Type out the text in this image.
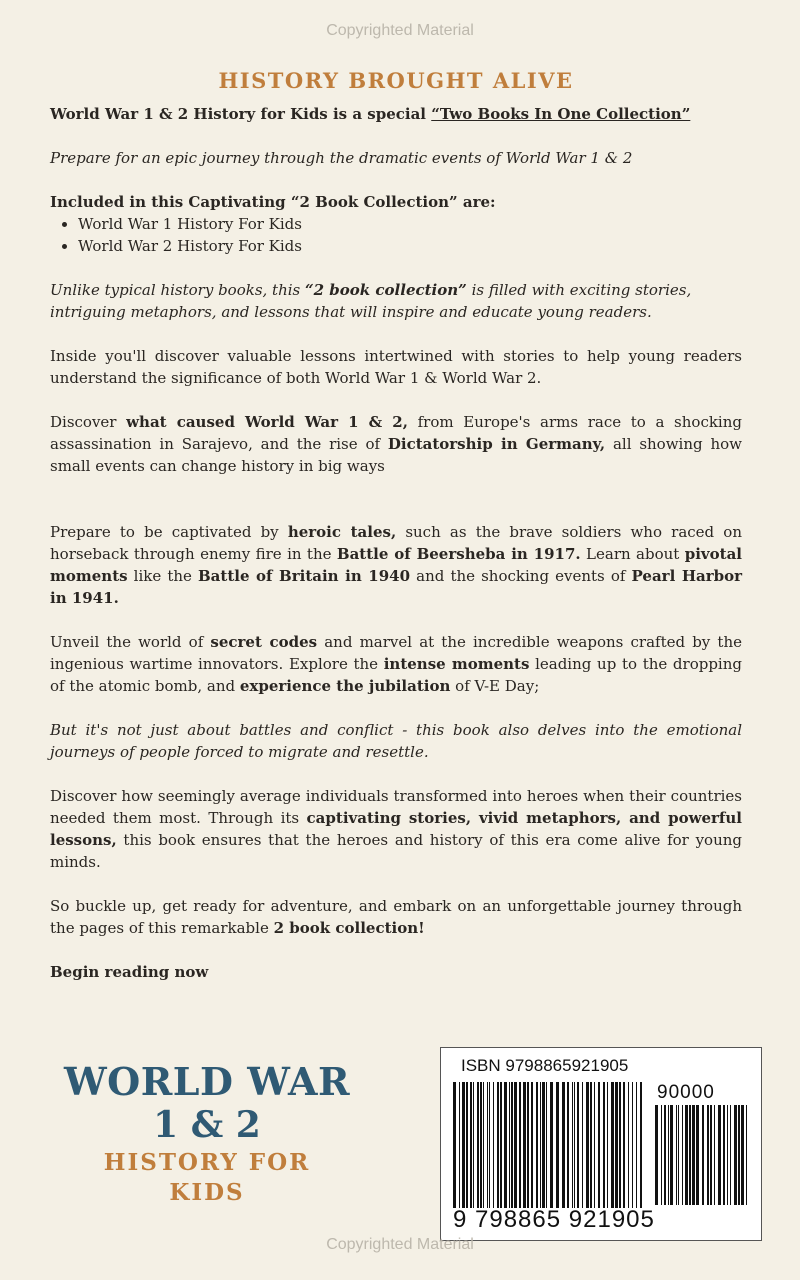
Copyrighted Material
HISTORY BROUGHT ALIVE

World War 1 & 2 History for Kids is a special “Two Books In One Collection”

Prepare for an epic journey through the dramatic events of World War 1 & 2

Included in this Captivating “2 Book Collection” are:

• World War 1 History For Kids
• World War 2 History For Kids

Unlike typical history books, this “2 book collection” is filled with exciting stories, intriguing metaphors, and lessons that will inspire and educate young readers.

Inside you'll discover valuable lessons intertwined with stories to help young readers understand the significance of both World War 1 & World War 2.

Discover what caused World War 1 & 2, from Europe's arms race to a shocking assassination in Sarajevo, and the rise of Dictatorship in Germany, all showing how small events can change history in big ways

Prepare to be captivated by heroic tales, such as the brave soldiers who raced on horseback through enemy fire in the Battle of Beersheba in 1917. Learn about pivotal moments like the Battle of Britain in 1940 and the shocking events of Pearl Harbor in 1941.

Unveil the world of secret codes and marvel at the incredible weapons crafted by the ingenious wartime innovators. Explore the intense moments leading up to the dropping of the atomic bomb, and experience the jubilation of V-E Day;

But it's not just about battles and conflict - this book also delves into the emotional journeys of people forced to migrate and resettle.

Discover how seemingly average individuals transformed into heroes when their countries needed them most. Through its captivating stories, vivid metaphors, and powerful lessons, this book ensures that the heroes and history of this era come alive for young minds.

So buckle up, get ready for adventure, and embark on an unforgettable journey through the pages of this remarkable 2 book collection!

Begin reading now

WORLD WAR
1 & 2
HISTORY FOR KIDS
ISBN 9798865921905
90000
9 798865 921905
Copyrighted Material
